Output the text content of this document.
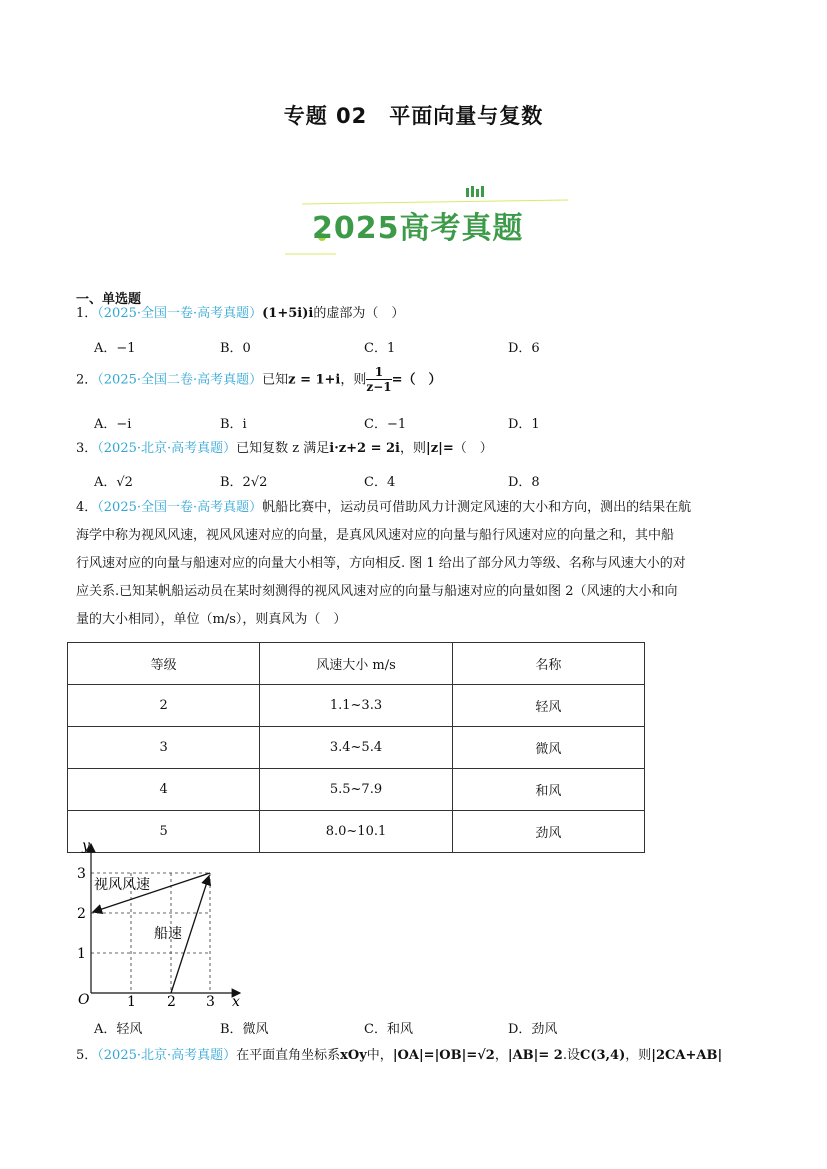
专题 02　平面向量与复数
2025高考真题
一、单选题
1．（2025·全国一卷·高考真题）(1+5i)i的虚部为（　）
A．−1	B．0	C．1	D．6
2．（2025·全国二卷·高考真题）已知z = 1+i，则 $\frac{1}{z-1}$ =（　）
A．−i	B．i	C．−1	D．1
3．（2025·北京·高考真题）已知复数 z 满足i·z+2 = 2i，则|z|=（　）
A．√2	B．2√2	C．4	D．8
4．（2025·全国一卷·高考真题）帆船比赛中，运动员可借助风力计测定风速的大小和方向，测出的结果在航
海学中称为视风风速，视风风速对应的向量，是真风风速对应的向量与船行风速对应的向量之和，其中船
行风速对应的向量与船速对应的向量大小相等，方向相反. 图 1 给出了部分风力等级、名称与风速大小的对
应关系.已知某帆船运动员在某时刻测得的视风风速对应的向量与船速对应的向量如图 2（风速的大小和向
量的大小相同），单位（m/s），则真风为（　）
等级	风速大小 m/s	名称
2	1.1~3.3	轻风
3	3.4~5.4	微风
4	5.5~7.9	和风
5	8.0~10.1	劲风
y
x
O	1 2 3
1
2
3
视风风速
船速
A．轻风	B．微风	C．和风	D．劲风
5．（2025·北京·高考真题）在平面直角坐标系xOy中，|OA|=|OB|=√2，|AB|= 2.设C(3,4)，则|2CA+AB|
